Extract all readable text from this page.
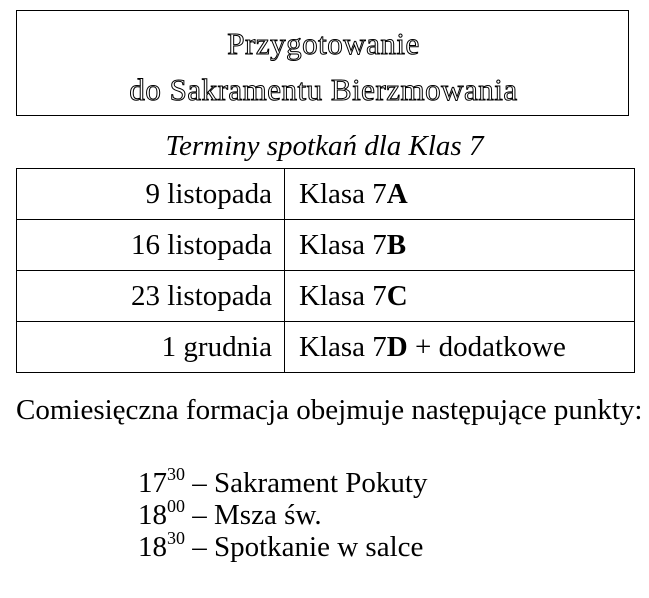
Przygotowanie
do Sakramentu Bierzmowania
Terminy spotkań dla Klas 7
9 listopada	Klasa 7A
16 listopada	Klasa 7B
23 listopada	Klasa 7C
1 grudnia	Klasa 7D + dodatkowe
Comiesięczna formacja obejmuje następujące punkty:
$17^{30}$ – Sakrament Pokuty
$18^{00}$ – Msza św.
$18^{30}$ – Spotkanie w salce
